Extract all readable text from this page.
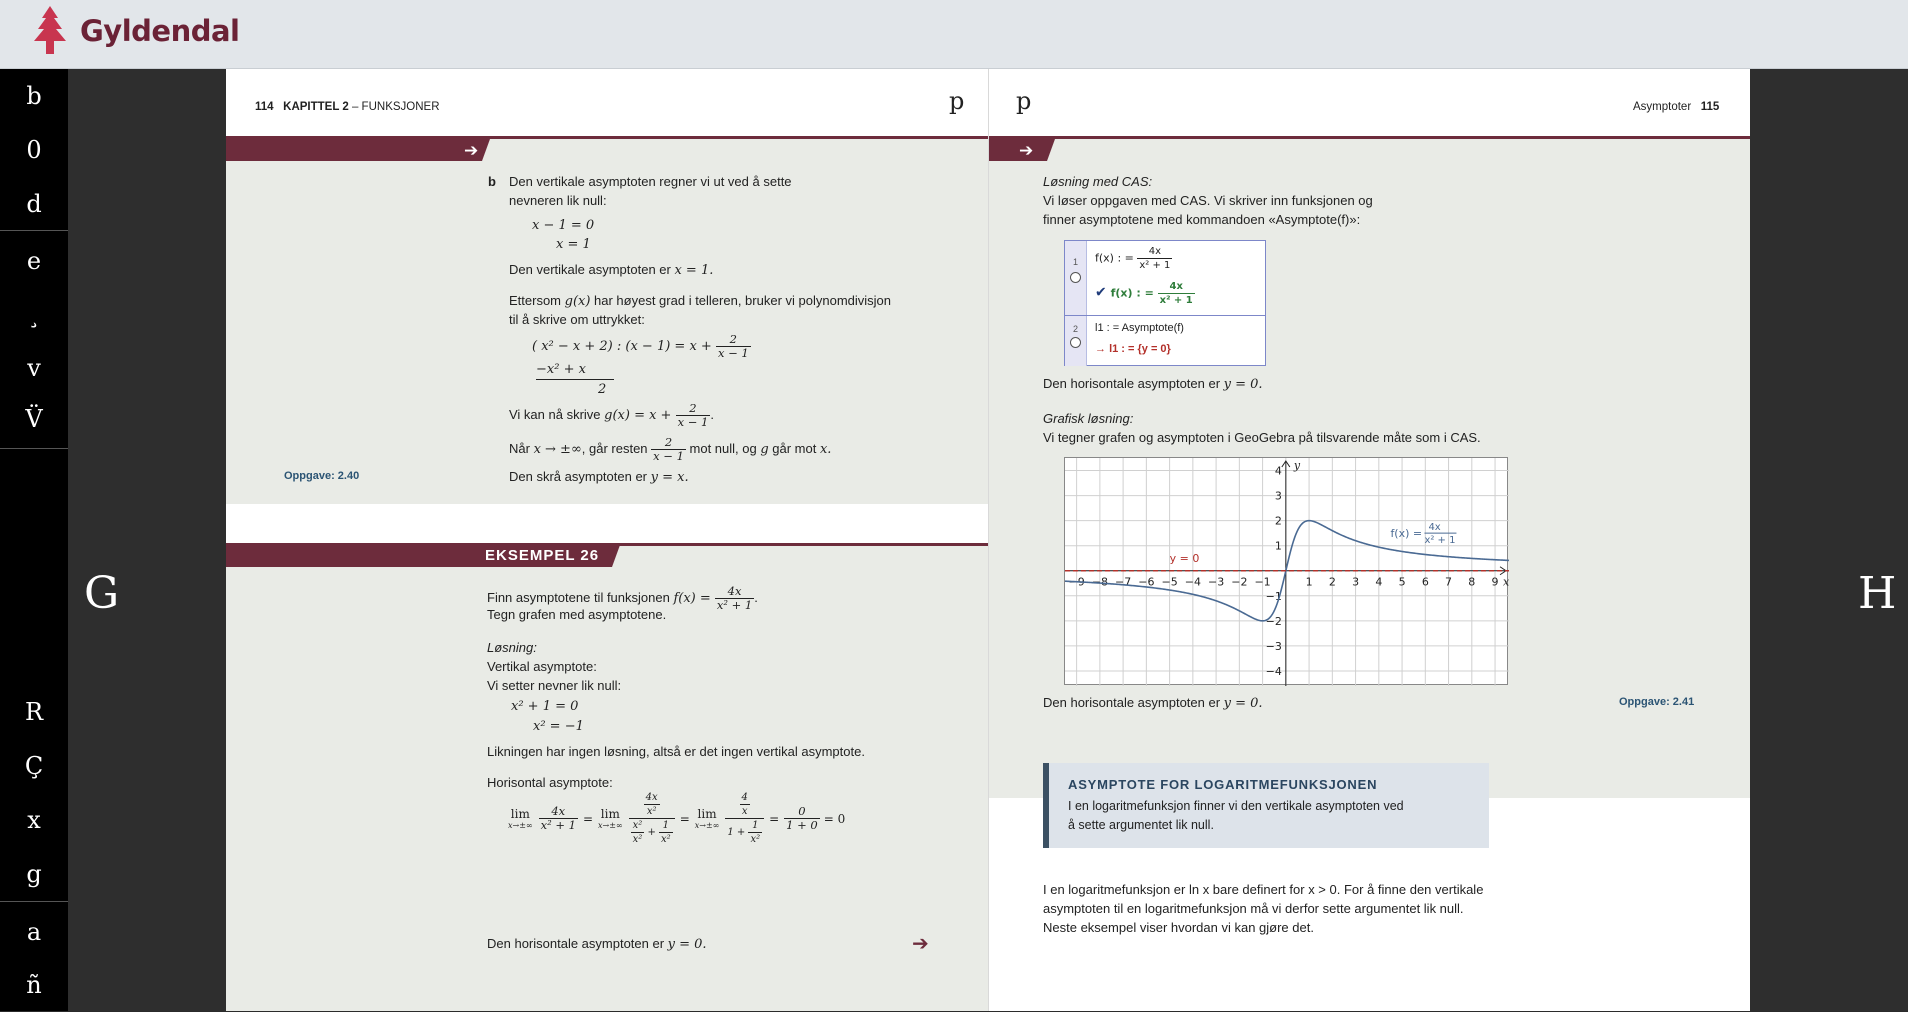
Gyldendal
b
0
d
e
¸
v
V̈
R
Ç
x
g
a
ñ
G	H
114 KAPITTEL 2 – FUNKSJONER	p
➔
b Den vertikale asymptoten regner vi ut ved å sette
nevneren lik null:
x − 1 = 0
x = 1
Den vertikale asymptoten er x = 1.
Ettersom g(x) har høyest grad i telleren, bruker vi polynomdivisjon
til å skrive om uttrykket:
( x² − x + 2) : $(x - 1) = x + \frac{2}{x - 1}$
−x² + x
2
Vi kan nå skrive $g(x) = x + \frac{2}{x - 1}$ .
Når x → ±∞, går resten $\frac{2}{x - 1}$ mot null, og g går mot x.
Oppgave: 2.40	Den skrå asymptoten er y = x.
EKSEMPEL 26
Finn asymptotene til funksjonen $f(x) = \frac{4x}{\text{x² + 1}}$ .
Tegn grafen med asymptotene.
Løsning:
Vertikal asymptote:
Vi setter nevner lik null:
x² + 1 = 0
x² = −1
Likningen har ingen løsning, altså er det ingen vertikal asymptote.
Horisontal asymptote:
lim
$x\to\pm\infty \frac{4x}{\text{x² + 1}} = \lim$
$x\to\pm\infty \frac{\frac{4x}{\text{x²}}}{\frac{\text{x²}}{\text{x²}} + \frac{1}{\text{x²}}} = \lim$
$x\to\pm\infty \frac{\frac{4}{x}}{1 + \frac{1}{\text{x²}}} = \frac{0}{1 + 0} = 0$
Den horisontale asymptoten er y = 0.	➔
p	Asymptoter 115
➔
Løsning med CAS:
Vi løser oppgaven med CAS. Vi skriver inn funksjonen og
finner asymptotene med kommandoen «Asymptote(f)»:
1	f(x) : = $\frac{4x}{\text{x² + 1}}$
✔ f(x) : = $\frac{4x}{\text{x² + 1}}$
2	l1 : = Asymptote(f)
→ l1 : = {y = 0}
Den horisontale asymptoten er y = 0.
Grafisk løsning:
Vi tegner grafen og asymptoten i GeoGebra på tilsvarende måte som i CAS.
−9 −8 −7 −6 −5 −4 −3 −2 −1	1 2 3 4 5 6 7 8 9
−4
−3
−2
−1
1
2
3
4
y = 0
f(x) = 4x
x² + 1
x
y
Den horisontale asymptoten er y = 0.	Oppgave: 2.41
ASYMPTOTE FOR LOGARITMEFUNKSJONEN
I en logaritmefunksjon finner vi den vertikale asymptoten ved
å sette argumentet lik null.
I en logaritmefunksjon er ln x bare definert for x > 0. For å finne den vertikale
asymptoten til en logaritmefunksjon må vi derfor sette argumentet lik null.
Neste eksempel viser hvordan vi kan gjøre det.
